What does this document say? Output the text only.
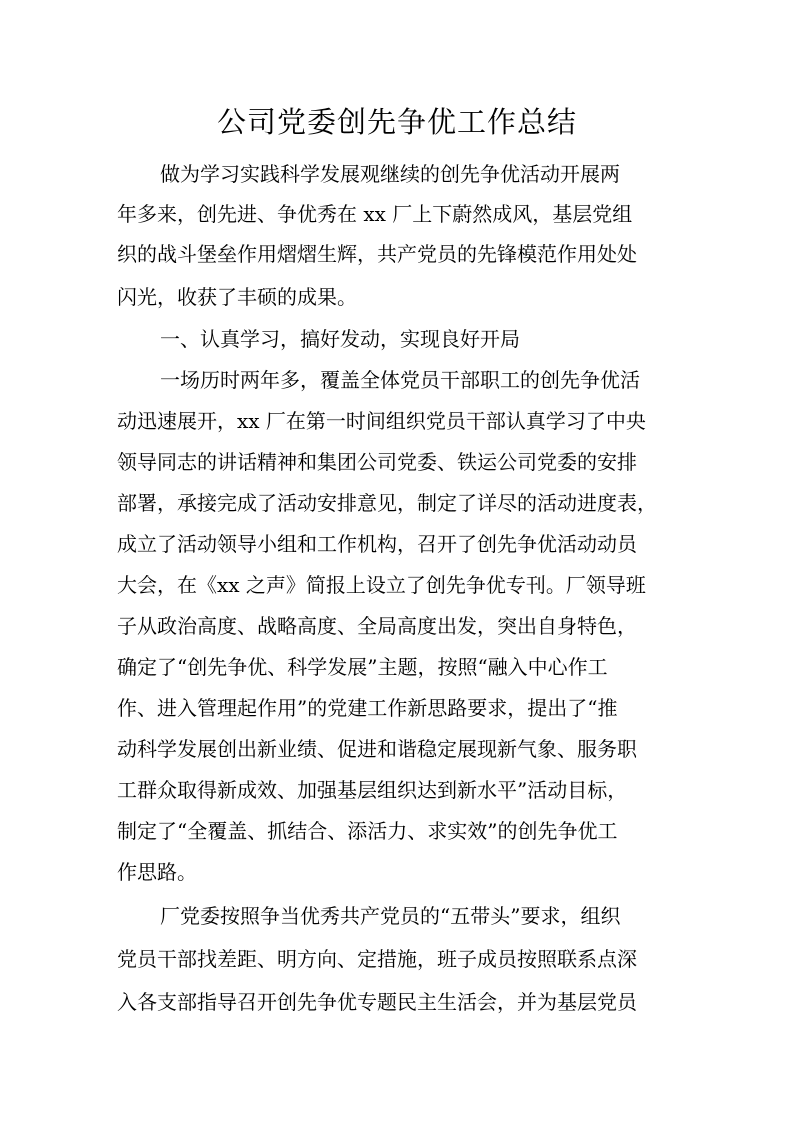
公司党委创先争优工作总结
做为学习实践科学发展观继续的创先争优活动开展两
年多来，创先进、争优秀在 xx 厂上下蔚然成风，基层党组
织的战斗堡垒作用熠熠生辉，共产党员的先锋模范作用处处
闪光，收获了丰硕的成果。
一、认真学习，搞好发动，实现良好开局
一场历时两年多，覆盖全体党员干部职工的创先争优活
动迅速展开，xx 厂在第一时间组织党员干部认真学习了中央
领导同志的讲话精神和集团公司党委、铁运公司党委的安排
部署，承接完成了活动安排意见，制定了详尽的活动进度表，
成立了活动领导小组和工作机构，召开了创先争优活动动员
大会，在《xx 之声》简报上设立了创先争优专刊。厂领导班
子从政治高度、战略高度、全局高度出发，突出自身特色，
确定了“创先争优、科学发展”主题，按照“融入中心作工
作、进入管理起作用”的党建工作新思路要求，提出了“推
动科学发展创出新业绩、促进和谐稳定展现新气象、服务职
工群众取得新成效、加强基层组织达到新水平”活动目标，
制定了“全覆盖、抓结合、添活力、求实效”的创先争优工
作思路。
厂党委按照争当优秀共产党员的“五带头”要求，组织
党员干部找差距、明方向、定措施，班子成员按照联系点深
入各支部指导召开创先争优专题民主生活会，并为基层党员
